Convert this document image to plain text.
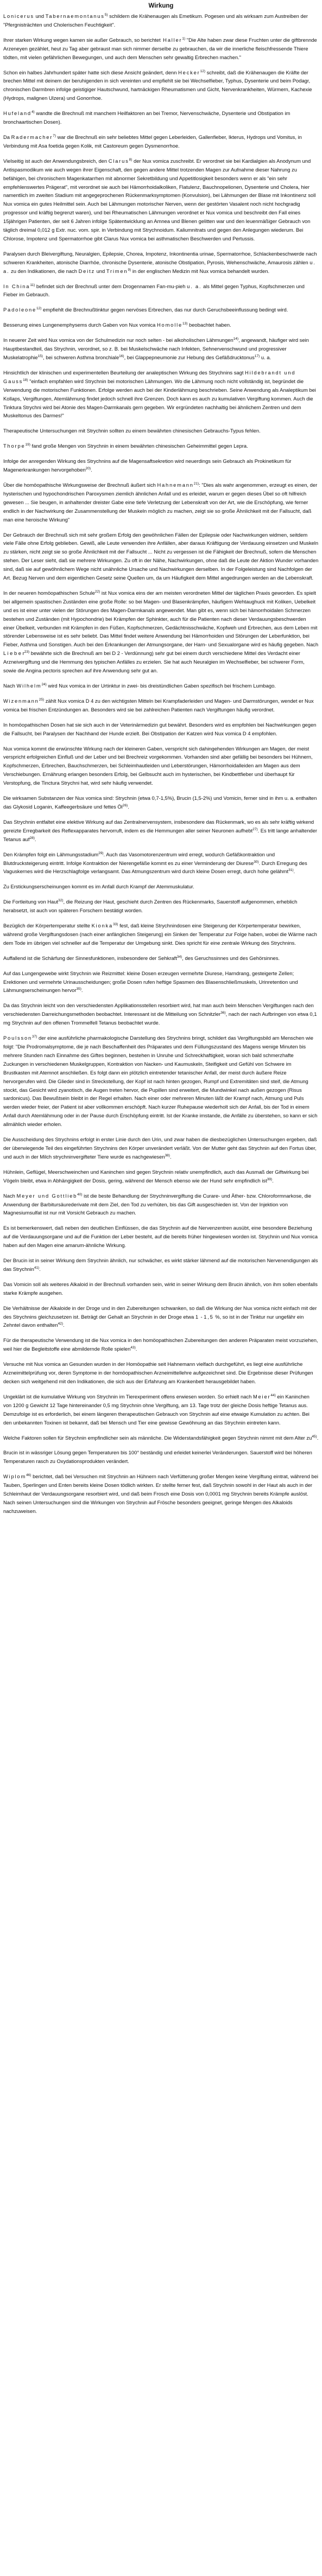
Wirkung

Lonicerus und Tabernaemontanus$^{5)}$ schildern die Krähenaugen als Emetikum. Pogesen und als wirksam zum Austreiben der "Pfergnisträchten und Cholerischen Feuchtigkeit".

Ihrer starken Wirkung wegen kamen sie außer Gebrauch, so berichtet Haller$^{1)}$ "Die Alte haben zwar diese Fruchten unter die giftbrennde Arzeneyen gezählet, heut zu Tag aber gebraust man sich nimmer derselbe zu gebrauchen, da wir die innerliche fleischfressende Thiere tödten, mit vielen gefährlichen Bewegungen, und auch dem Menschen sehr gewaltig Erbrechen machen."

Schon ein halbes Jahrhundert später hatte sich diese Ansicht geändert, denn Hecker$^{12)}$ schreibt, daß die Krähenaugen die Kräfte der brechen Mittel mit deinem der beruhigenden in sich vereinten und empfiehlt sie bei Wechselfieber, Typhus, Dysenterie und beim Podagr, chronischen Darmbren infolge geistigiger Hautschwund, hartnäckigen Rheumatismen und Gicht, Nervenkrankheiten, Würmern, Kachexie (Hydrops, malignen Ulzera) und Gonorrhoe.

Hufeland$^{4)}$ wandte die Brechnuß mit manchem Heilfaktoren an bei Tremor, Nervenschwäche, Dysenterie und Obstipation im bronchaartischen Dosen).

Da Radermacher$^{7)}$ war die Brechnuß ein sehr beliebtes Mittel gegen Leberleiden, Gallenfieber, Ikterus, Hydrops und Vomitus, in Verbindung mit Asa foetida gegen Kolik, mit Castoreum gegen Dysmenorrhoe.

Vielseitig ist auch der Anwendungsbreich, den Clarus$^{8)}$ der Nux vomica zuschreibt. Er verordnet sie bei Kardialgien als Anodynum und Antispasmodikum wie auch wegen ihrer Eigenschaft, den gegen andere Mittel trotzenden Magen zur Aufnahme dieser Nahrung zu befähigen, bei chronischem Magenkatarrhen mit abnormer Sekretbildung und Appetitlosigkeit besonders wenn er als "ein sehr empfehlenswertes Prägerat", mit verordnet sie auch bei Hämorrhoidalkoliken, Flatulenz, Bauchnopelionen, Dysenterie und Cholera, hier namentlich im zweiten Stadium mit angegeprochenen Rückenmarksymptomen (Konvulsion), bei Lähmungen der Blase mit Inkontinenz soll Nux vomica ein gutes Heilmittel sein. Auch bei Lähmungen motorischer Nerven, wenn der gestörten Vasalent noch nicht hochgradig progressor und kräftig begrenzt waren), und bei Rheumatischen Lähmungen verordnet er Nux vomica und beschreibt den Fall eines 15jährigen Patienten, der seit 6 Jahren infolge Spätentwicklung an Amnea und Blenen gelitten war und den leuenmäßiger Gebrauch von täglich dreimal 0,012 g Extr. nuc. vom. spir. in Verbindung mit Strychnoidum. Kaliumnitrats und gegen den Anlegungen wiederum. Bei Chlorose, Impotenz und Spermatorrhoe gibt Clarus Nux vomica bei asthmatischen Beschwerden und Pertussis.

Paralysen durch Bleivergiftung, Neuralgien, Epilepsie, Chorea, Impotenz, Inkontinentia urinae, Spermatorrhoe, Schlackenbeschwerde nach schweren Krankheiten, atonische Diarrhöe, chronische Dysenterie, atonische Obstipation, Pyrosis, Wehenschwäche, Amaurosis zählen u. a. zu den Indikationen, die nach Deitz und Trimen$^{9)}$ in der englischen Medizin mit Nux vomica behandelt wurden.

In China$^{11)}$ befindet sich der Brechnuß unter dem Drogennamen Fan-mu-pieh u. a. als Mittel gegen Typhus, Kopfschmerzen und Fieber im Gebrauch.

Padoleone$^{12)}$ empfiehlt die Brechnußtinktur gegen nervöses Erbrechen, das nur durch Geruchsbeeinflussung bedingt wird.

Besserung eines Lungenemphysems durch Gaben von Nux vomica Homolle$^{13)}$ beobachtet haben.

In neuerer Zeit wird Nux vomica von der Schulmedizin nur noch selten - bei alkoholischen Lähmungen$^{14)}$, angewandt, häufiger wird sein Hauptbestandteil, das Strychnin, verordnet, so z. B. bei Muskelschwäche nach Infekten, Sehnervenschwund und progressiver Muskelatrophie$^{15)}$, bei schweren Asthma bronchiale$^{16)}$, bei Glappepneumonie zur Hebung des Gefäßdrucktonus$^{17)}$ u. a.

Hinsichtlich der klinischen und experimentellen Beurteilung der analeptischen Wirkung des Strychnins sagt Hildebrandt und Gauss$^{18)}$ "einfach empfahlen wird Strychnin bei motorischen Lähmungen. Wo die Lähmung noch nicht vollständig ist, begründet die Verwendung die motorischen Funktionen. Erfolge werden auch bei der Kinderlähmung beschrieben. Seine Anwendung als Analeptikum bei Kollaps, Vergiftungen, Atemlähmung findet jedoch schnell ihre Grenzen. Doch kann es auch zu kumulativen Vergiftung kommen. Auch die Tinktura Strychni wird bei Atonie des Magen-Darmkanals gern gegeben. Wir ergründeten nachhaltig bei ähnlichem Zentren und dem Muskeltonus des Darmes!"

Therapeutische Untersuchungen mit Strychnin sollten zu einem bewährten chinesischen Gebrauchs-Typus fehlen.

Thorpe$^{19)}$ fand große Mengen von Strychnin in einem bewährten chinesischen Geheimmittel gegen Lepra.

Infolge der anregenden Wirkung des Strychnins auf die Magensaftsekretion wird neuerdings sein Gebrauch als Prokinetikum für Magenerkrankungen hervorgehoben$^{20)}$.

Über die homöopathische Wirkungsweise der Brechnuß äußert sich Hahnemann$^{21)}$: "Dies als wahr angenommen, erzeugt es einen, der hysterischen und hypochondrischen Paroxysmen ziemlich ähnlichen Anfall und es erleidet, warum er gegen dieses Übel so oft hilfreich gewesen ... Sie beugen, in anhaltender dreister Gabe eine tiefe Verletzung der Lebenskraft von der Art, wie die Erschöpfung, wie ferner endlich in der Nachwirkung der Zusammenstellung der Muskeln möglich zu machen, zeigt sie so große Ähnlichkeit mit der Fallsucht, daß man eine heroische Wirkung"

Der Gebrauch der Brechnuß sich mit sehr großem Erfolg den gewöhnlichen Fällen der Epilepsie oder Nachwirkungen widmen, seitdem viele Fälle ohne Erfolg geblieben. Gewiß, alle Leute verwenden ihre Anfällen, aber daraus Kräftigung der Verdauung einsetzen und Muskeln zu stärken, nicht zeigt sie so große Ähnlichkeit mit der Fallsucht ... Nicht zu vergessen ist die Fähigkeit der Brechnuß, sofern die Menschen stehen. Der Leser sieht, daß sie mehrere Wirkungen. Zu oft in der Nähe, Nachwirkungen, ohne daß die Leute der Aktion Wunder vorhanden sind, daß sie auf gewöhnlichem Wege nicht unähnliche Ursache und Nachwirkungen derselben. In der Folgeleistung sind Nachfolgen der Art. Bezug Nerven und dem eigentlichen Gesetz seine Quellen um, da um Häufigkeit dem Mittel angedrungen werden an die Lebenskraft.

In der neueren homöopathischen Schule$^{22)}$ ist Nux vomica eins der am meisten verordneten Mittel der täglichen Praxis geworden. Es spielt bei allgemein spastischen Zuständen eine große Rolle: so bei Magen- und Blasenkrämpfen, häufigem Wehtaughuck mit Koliken, Uebelkeit und es ist einer unter vielen der Störungen des Magen-Darmkanals angewendet. Man gibt es, wenn sich bei hämorrhoidalen Schmerzen bestehen und Zuständen (mit Hypochondrie) bei Krämpfen der Sphinkter, auch für die Patienten nach dieser Verdauungsbeschwerden einer Übelkeit, verbunden mit Krämpfen in den Füßen, Kopfschmerzen, Gedächtnisschwäche, Kopfweh und Erbrechen, aus dem Leben mit störender Lebensweise ist es sehr beliebt. Das Mittel findet weitere Anwendung bei Hämorrhoiden und Störungen der Leberfunktion, bei Fieber, Asthma und Sonstigen. Auch bei den Erkrankungen der Atmungsorgane, der Harn- und Sexualorgane wird es häufig gegeben. Nach L i e b e $r^{23)}$ bewährte sich die Brechnuß am bei D 2 - Verdünnung) sehr gut bei einem durch verschiedene Mittel des Verdacht einer Arzneivergiftung und die Hemmung des typischen Anfälles zu erzielen. Sie hat auch Neuralgien im Wechselfieber, bei schwerer Form, sowie die Angina pectoris sprechen auf ihre Anwendung sehr gut an.

Nach Wilhelm$^{24)}$ wird Nux vomica in der Urtinktur in zwei- bis dreistündlichen Gaben spezifisch bei frischem Lumbago.

Wizenmann$^{25)}$ zählt Nux vomica D 4 zu den wichtigsten Mitteln bei Krampfaderleiden und Magen- und Darmstörungen, wendet er Nux vomica bei frischen Entzündungen an. Besonders wird sie bei zahlreichen Patienten nach Vergiftungen häufig verordnet.

In homöopathischen Dosen hat sie sich auch in der Veterinärmedizin gut bewährt. Besonders wird es empfohlen bei Nachwirkungen gegen die Fallsucht, bei Paralysen der Nachhand der Hunde erzielt. Bei Obstipation der Katzen wird Nux vomica D 4 empfohlen.

Nux vomica kommt die erwünschte Wirkung nach der kleineren Gaben, verspricht sich dahingehenden Wirkungen am Magen, der meist verspricht erfolgreichen Einfluß und der Leber und bei Brechreiz vorgekommen. Vorhanden sind aber gefällig bei besonders bei Hühnern, Kopfschmerzen, Erbrechen, Bauchschmerzen, bei Schleimhautleiden und Leberstörungen, Hämorrhoidalleiden am Magen aus dem Verschiebungen. Ernährung erlangen besonders Erfolg, bei Gelbsucht auch im hysterischen, bei Kindbettfieber und überhaupt für Verstopfung, die Tinctura Strychni hat, wird sehr häufig verwendet.

Die wirksamen Substanzen der Nux vomica sind: Strychnin (etwa 0,7-1,5%), Brucin (1,5-2%) und Vomicin, ferner sind in ihm u. a. enthalten das Glykosid Loganin, Kaffeegerbsäure und fettes $Öl^{26)}$.

Das Strychnin entfaltet eine elektive Wirkung auf das Zentralnervensystem, insbesondere das Rückenmark, wo es als sehr kräftig wirkend gereizte Erregbarkeit des Reflexapparates hervorruft, indem es die Hemmungen aller seiner Neuronen aufhebt$^{27)}$. Es tritt lange anhaltender Tetanus auf$^{28)}$.

Den Krämpfen folgt ein Lähmungsstadium$^{29)}$. Auch das Vasomotorenzentrum wird erregt, wodurch Gefäßkontraktion und Blutdrucksteigerung eintritt. Infolge Kontraktion der Nierengefäße kommt es zu einer Verminderung der Diurese$^{30)}$. Durch Erregung des Vaguskernes wird die Herzschlagfolge verlangsamt. Das Atmungszentrum wird durch kleine Dosen erregt, durch hohe gelähmt$^{31)}$.

Zu Erstickungserscheinungen kommt es im Anfall durch Krampf der Atemmuskulatur.

Die Fortleitung von Haut$^{32)}$, die Reizung der Haut, geschieht durch Zentren des Rückenmarks, Sauerstoff aufgenommen, erheblich herabsetzt, ist auch von späteren Forschern bestätigt worden.

Bezüglich der Körpertemperatur stellte Kionka$^{33)}$ fest, daß kleine Strychnindosen eine Steigerung der Körpertemperatur bewirken, während große Vergiftungsdosen (nach einer anfänglichen Steigerung) ein Sinken der Temperatur zur Folge haben, wobei die Wärme nach dem Tode im übrigen viel schneller auf die Temperatur der Umgebung sinkt. Dies spricht für eine zentrale Wirkung des Strychnins.

Auffallend ist die Schärfung der Sinnesfunktionen, insbesondere der Sehkraft$^{34)}$, des Geruchssinnes und des Gehörsinnes.

Auf das Lungengewebe wirkt Strychnin wie Reizmittel: kleine Dosen erzeugen vermehrte Diurese, Harndrang, gesteigerte Zellen; Erektionen und vermehrte Urinausscheidungen; große Dosen rufen heftige Spasmen des Blasenschließmuskels, Urinretention und Lähmungserscheinungen hervor$^{35)}$.

Da das Strychnin leicht von den verschiedensten Applikationsstellen resorbiert wird, hat man auch beim Menschen Vergiftungen nach den verschiedensten Darreichungsmethoden beobachtet. Interessant ist die Mitteilung von Schnitzler$^{36)}$, nach der nach Aufbringen von etwa 0,1 mg Strychnin auf den offenen Trommelfell Tetanus beobachtet wurde.

Poulsson$^{37)}$ der eine ausführliche pharmakologische Darstellung des Strychnins bringt, schildert das Vergiftungsbild am Menschen wie folgt: "Die Prodromalsymptome, die je nach Beschaffenheit des Präparates und dem Füllungszustand des Magens wenige Minuten bis mehrere Stunden nach Einnahme des Giftes beginnen, bestehen in Unruhe und Schreckhaftigkeit, woran sich bald schmerzhafte Zuckungen in verschiedenen Muskelgruppen, Kontraktion von Nacken- und Kaumuskeln, Steifigkeit und Gefühl von Schwere im Brustkasten mit Atemnot anschließen. Es folgt dann ein plötzlich eintretender tetanischer Anfall, der meist durch äußere Reize hervorgerufen wird. Die Glieder sind in Streckstellung, der Kopf ist nach hinten gezogen, Rumpf und Extremitäten sind steif, die Atmung stockt, das Gesicht wird zyanotisch, die Augen treten hervor, die Pupillen sind erweitert, die Mundwinkel nach außen gezogen (Risus sardonicus). Das Bewußtsein bleibt in der Regel erhalten. Nach einer oder mehreren Minuten läßt der Krampf nach, Atmung und Puls werden wieder freier, der Patient ist aber vollkommen erschöpft. Nach kurzer Ruhepause wiederholt sich der Anfall, bis der Tod in einem Anfall durch Atemlähmung oder in der Pause durch Erschöpfung eintritt. Ist der Kranke imstande, die Anfälle zu überstehen, so kann er sich allmählich wieder erholen.

Die Ausscheidung des Strychnins erfolgt in erster Linie durch den Urin, und zwar haben die diesbezüglichen Untersuchungen ergeben, daß der überwiegende Teil des eingeführten Strychnins den Körper unverändert verläßt. Von der Mutter geht das Strychnin auf den Fortus über, und auch in der Milch strychninvergifteter Tiere wurde es nachgewiesen$^{38)}$.

Hühnlein, Geflügel, Meerschweinchen und Kaninchen sind gegen Strychnin relativ unempfindlich, auch das Ausmaß der Giftwirkung bei Vögeln bleibt, etwa in Abhängigkeit der Dosis, gering, während der Mensch ebenso wie der Hund sehr empfindlich ist$^{39)}$.

Nach Meyer und Gottlieb$^{40)}$ ist die beste Behandlung der Strychninvergiftung die Curare- und Äther- bzw. Chloroformnarkose, die Anwendung der Barbitursäurederivate mit dem Ziel, den Tod zu verhüten, bis das Gift ausgeschieden ist. Von der Injektion von Magnesiumsulfat ist nur mit Vorsicht Gebrauch zu machen.

Es ist bemerkenswert, daß neben den deutlichen Einflüssen, die das Strychnin auf die Nervenzentren ausübt, eine besondere Beziehung auf die Verdauungsorgane und auf die Funktion der Leber besteht, auf die bereits früher hingewiesen worden ist. Strychnin und Nux vomica haben auf den Magen eine amarum-ähnliche Wirkung.

Der Brucin ist in seiner Wirkung dem Strychnin ähnlich, nur schwächer, es wirkt stärker lähmend auf die motorischen Nervenendigungen als das Strychnin$^{41)}$.

Das Vomicin soll als weiteres Alkaloid in der Brechnuß vorhanden sein, wirkt in seiner Wirkung dem Brucin ähnlich, von ihm sollen ebenfalls starke Krämpfe ausgehen.

Die Verhältnisse der Alkaloide in der Droge und in den Zubereitungen schwanken, so daß die Wirkung der Nux vomica nicht einfach mit der des Strychnins gleichzusetzen ist. Beträgt der Gehalt an Strychnin in der Droge etwa 1 - 1,5 %, so ist in der Tinktur nur ungefähr ein Zehntel davon enthalten$^{42)}$.

Für die therapeutische Verwendung ist die Nux vomica in den homöopathischen Zubereitungen den anderen Präparaten meist vorzuziehen, weil hier die Begleitstoffe eine abmildernde Rolle spielen$^{43)}$.

Versuche mit Nux vomica an Gesunden wurden in der Homöopathie seit Hahnemann vielfach durchgeführt, es liegt eine ausführliche Arzneimittelprüfung vor, deren Symptome in der homöopathischen Arzneimittellehre aufgezeichnet sind. Die Ergebnisse dieser Prüfungen decken sich weitgehend mit den Indikationen, die sich aus der Erfahrung am Krankenbett herausgebildet haben.

Ungeklärt ist die kumulative Wirkung von Strychnin im Tierexperiment offens erwiesen worden. So erhielt nach Meier$^{44)}$ ein Kaninchen von 1200 g Gewicht 12 Tage hintereinander 0,5 mg Strychnin ohne Vergiftung, am 13. Tage trotz der gleiche Dosis heftige Tetanus aus. Demzufolge ist es erforderlich, bei einem längeren therapeutischen Gebrauch von Strychnin auf eine etwaige Kumulation zu achten. Bei den unbekannten Toxinen ist bekannt, daß bei Mensch und Tier eine gewisse Gewöhnung an das Strychnin eintreten kann.

Welche Faktoren sollen für Strychnin empfindlicher sein als männliche. Die Widerstandsfähigkeit gegen Strychnin nimmt mit dem Alter $zu^{45)}$.

Brucin ist in wässriger Lösung gegen Temperaturen bis 100° beständig und erleidet keinerlei Veränderungen. Sauerstoff wird bei höheren Temperaturen rasch zu Oxydationsprodukten verändert.

Wiplom$^{46)}$ berichtet, daß bei Versuchen mit Strychnin an Hühnern nach Verfütterung großer Mengen keine Vergiftung eintrat, während bei Tauben, Sperlingen und Enten bereits kleine Dosen tödlich wirkten. Er stellte ferner fest, daß Strychnin sowohl in der Haut als auch in der Schleimhaut der Verdauungsorgane resorbiert wird, und daß beim Frosch eine Dosis von 0,0001 mg Strychnin bereits Krämpfe auslöst. Nach seinen Untersuchungen sind die Wirkungen von Strychnin auf Frösche besonders geeignet, geringe Mengen des Alkaloids nachzuweisen.
